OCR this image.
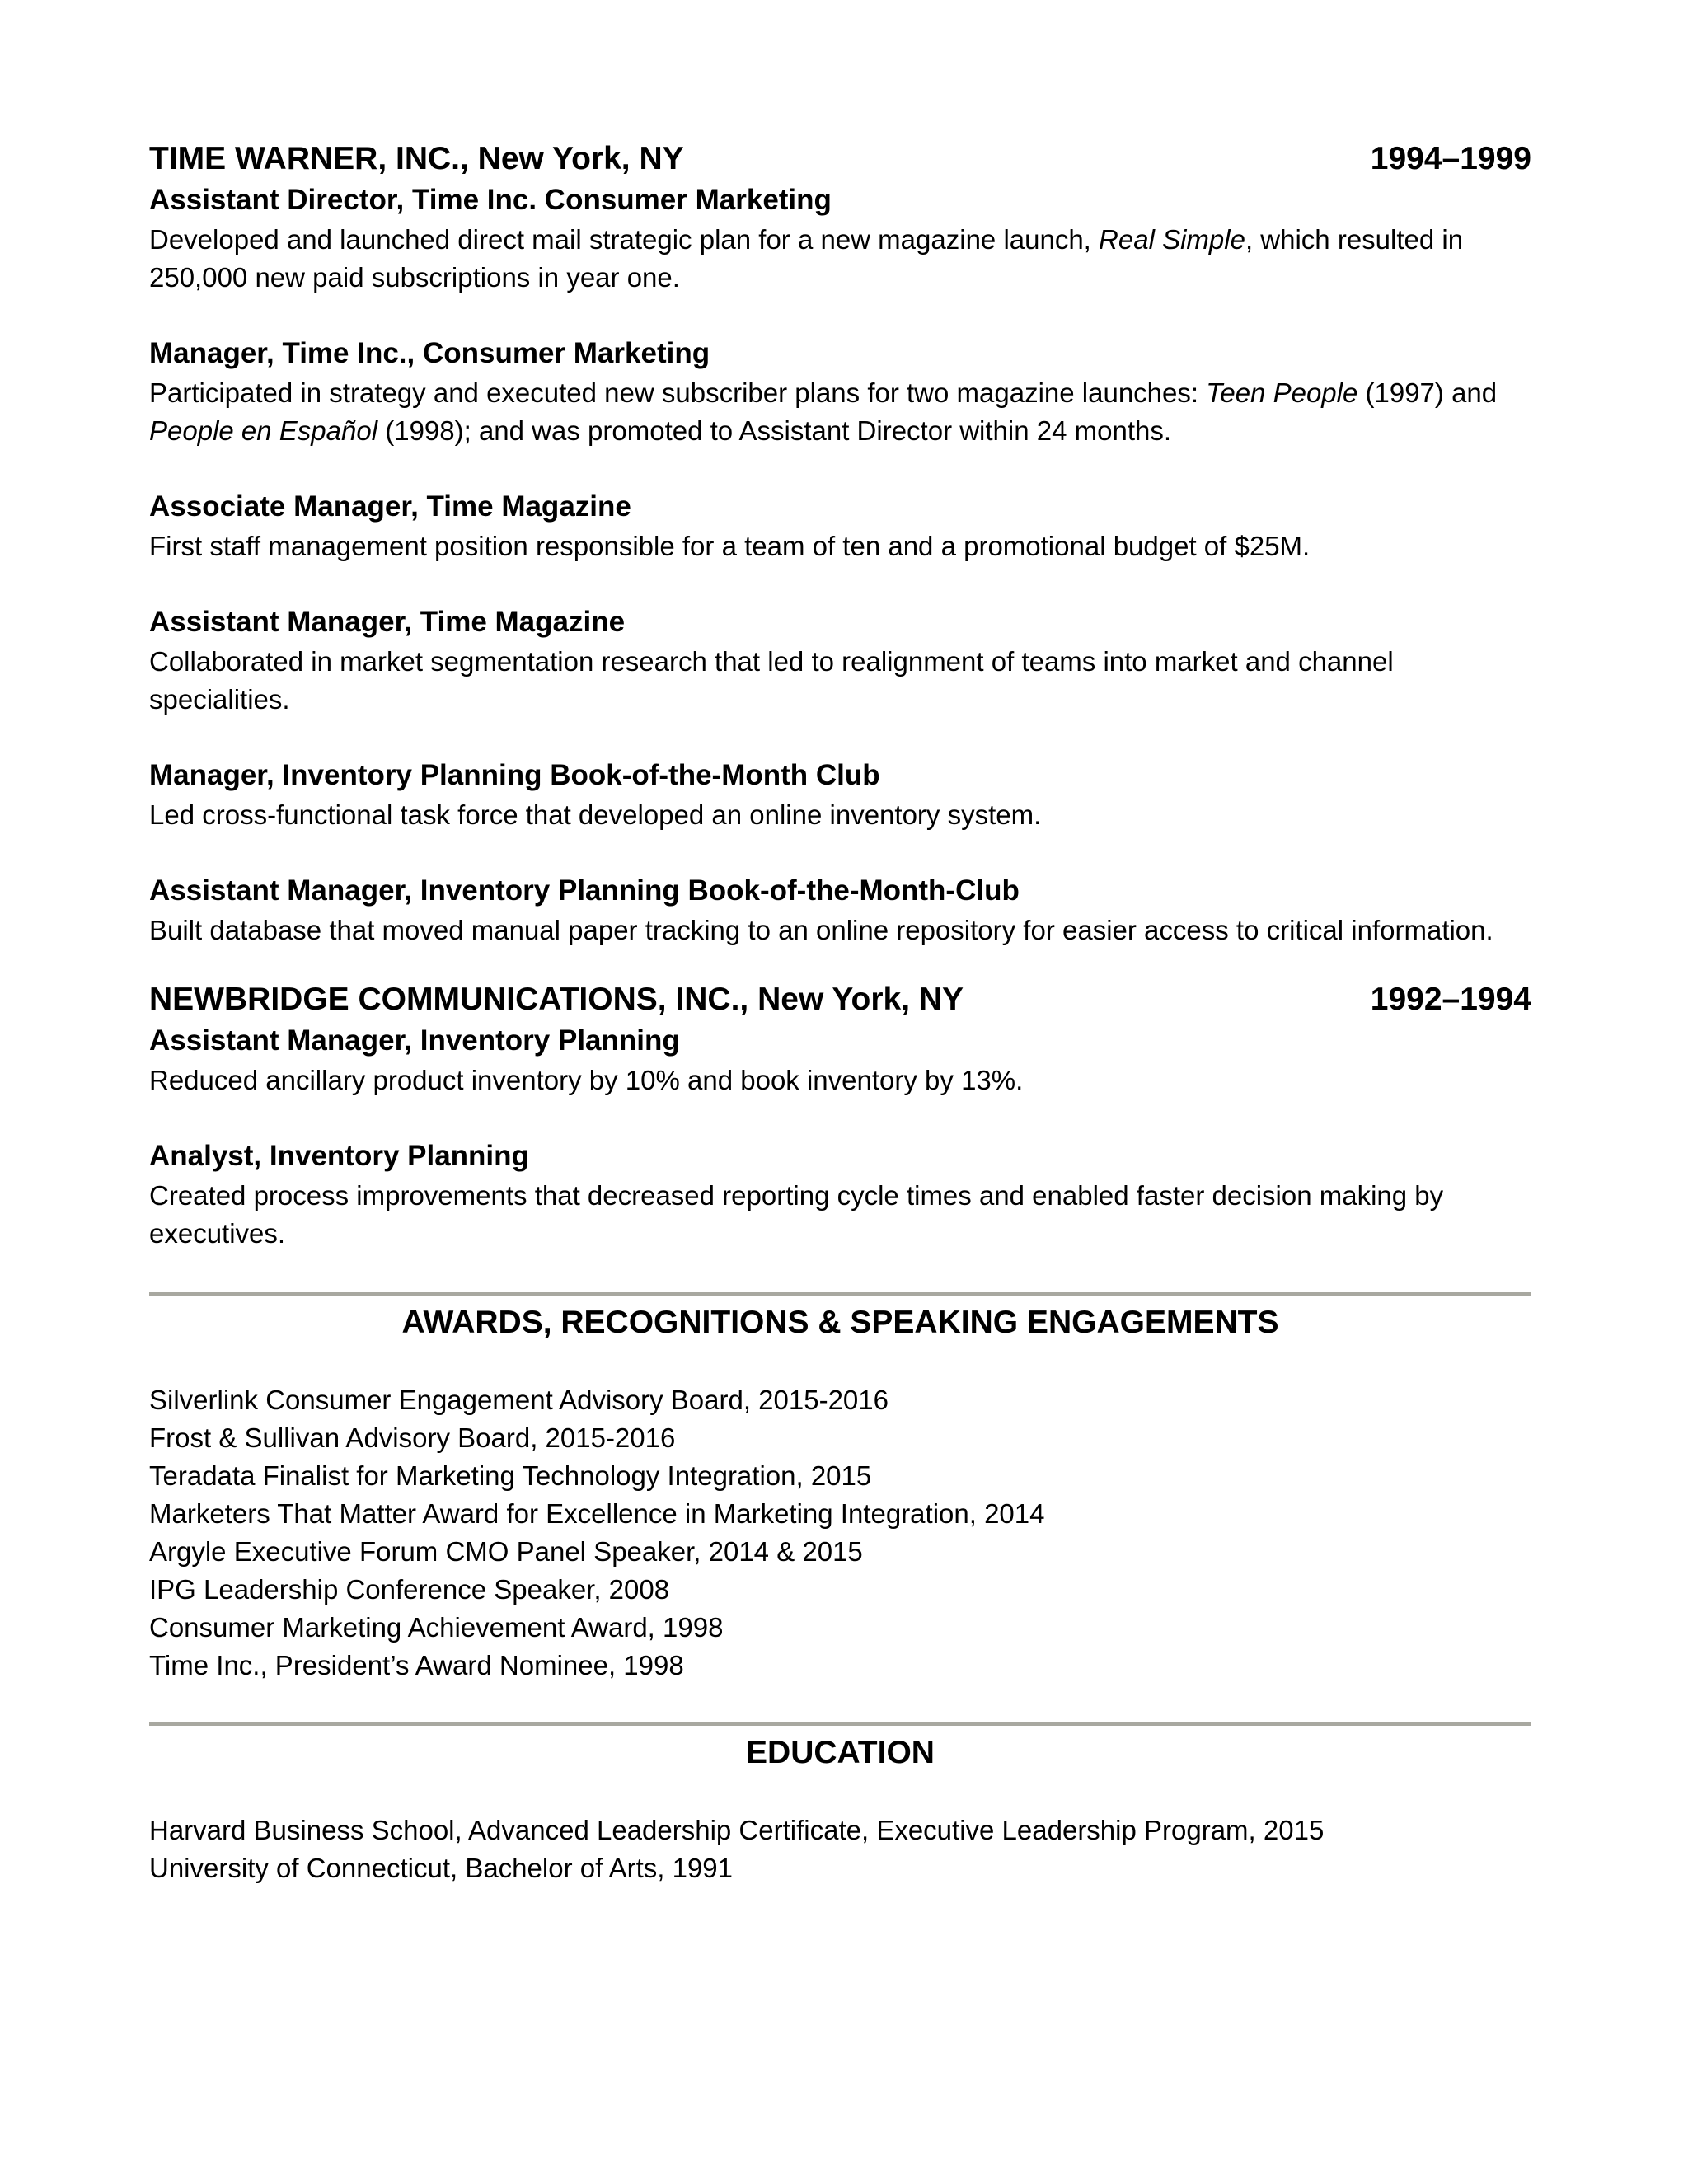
TIME WARNER, INC., New York, NY	1994–1999
Assistant Director, Time Inc. Consumer Marketing
Developed and launched direct mail strategic plan for a new magazine launch, Real Simple, which resulted in 250,000 new paid subscriptions in year one.
Manager, Time Inc., Consumer Marketing
Participated in strategy and executed new subscriber plans for two magazine launches: Teen People (1997) and People en Español (1998); and was promoted to Assistant Director within 24 months.
Associate Manager, Time Magazine
First staff management position responsible for a team of ten and a promotional budget of $25M.
Assistant Manager, Time Magazine
Collaborated in market segmentation research that led to realignment of teams into market and channel specialities.
Manager, Inventory Planning Book-of-the-Month Club
Led cross-functional task force that developed an online inventory system.
Assistant Manager, Inventory Planning Book-of-the-Month-Club
Built database that moved manual paper tracking to an online repository for easier access to critical information.
NEWBRIDGE COMMUNICATIONS, INC., New York, NY	1992–1994
Assistant Manager, Inventory Planning
Reduced ancillary product inventory by 10% and book inventory by 13%.
Analyst, Inventory Planning
Created process improvements that decreased reporting cycle times and enabled faster decision making by executives.
AWARDS, RECOGNITIONS & SPEAKING ENGAGEMENTS
Silverlink Consumer Engagement Advisory Board, 2015-2016
Frost & Sullivan Advisory Board, 2015-2016
Teradata Finalist for Marketing Technology Integration, 2015
Marketers That Matter Award for Excellence in Marketing Integration, 2014
Argyle Executive Forum CMO Panel Speaker, 2014 & 2015
IPG Leadership Conference Speaker, 2008
Consumer Marketing Achievement Award, 1998
Time Inc., President’s Award Nominee, 1998
EDUCATION
Harvard Business School, Advanced Leadership Certificate, Executive Leadership Program, 2015
University of Connecticut, Bachelor of Arts, 1991
